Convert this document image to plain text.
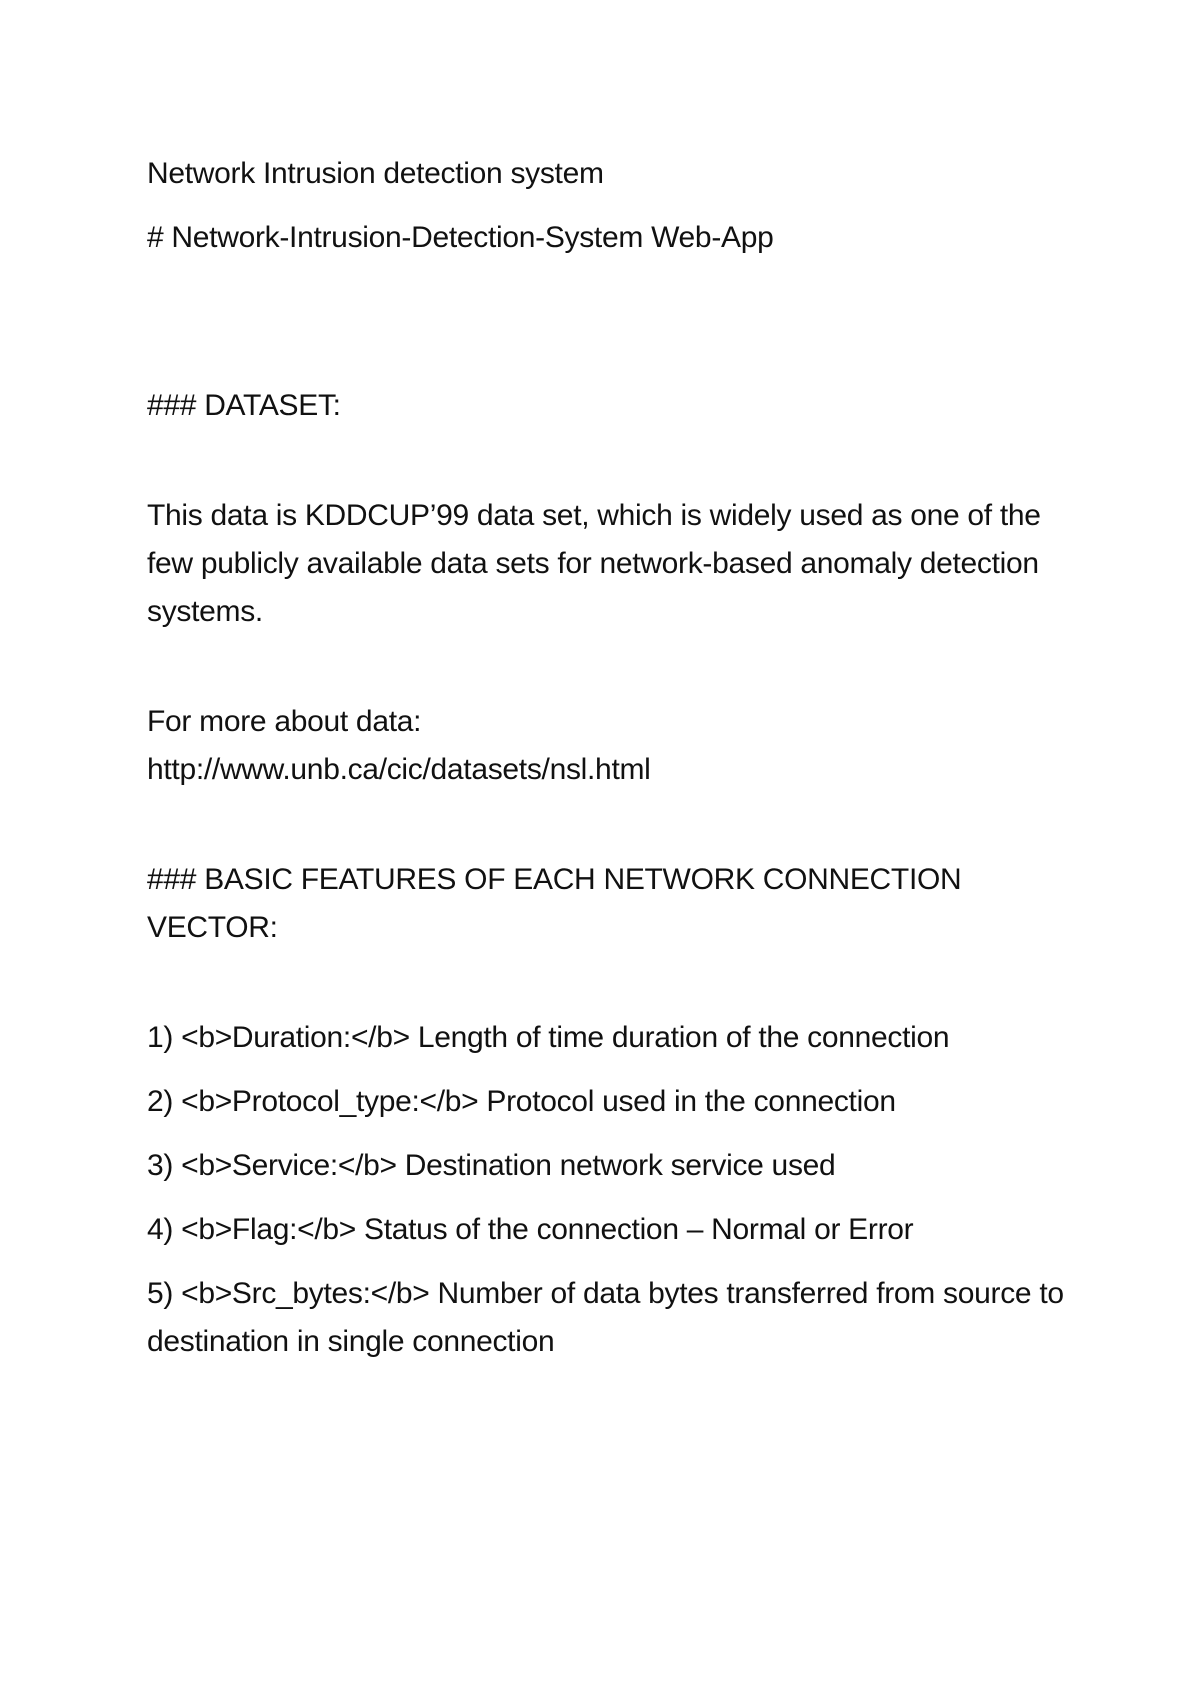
Network Intrusion detection system

# Network-Intrusion-Detection-System Web-App

### DATASET:

This data is KDDCUP’99 data set, which is widely used as one of the few publicly available data sets for network-based anomaly detection systems.

For more about data:

http://www.unb.ca/cic/datasets/nsl.html

### BASIC FEATURES OF EACH NETWORK CONNECTION VECTOR:

1) <b>Duration:</b> Length of time duration of the connection

2) <b>Protocol_type:</b> Protocol used in the connection

3) <b>Service:</b> Destination network service used

4) <b>Flag:</b> Status of the connection – Normal or Error

5) <b>Src_bytes:</b> Number of data bytes transferred from source to destination in single connection
